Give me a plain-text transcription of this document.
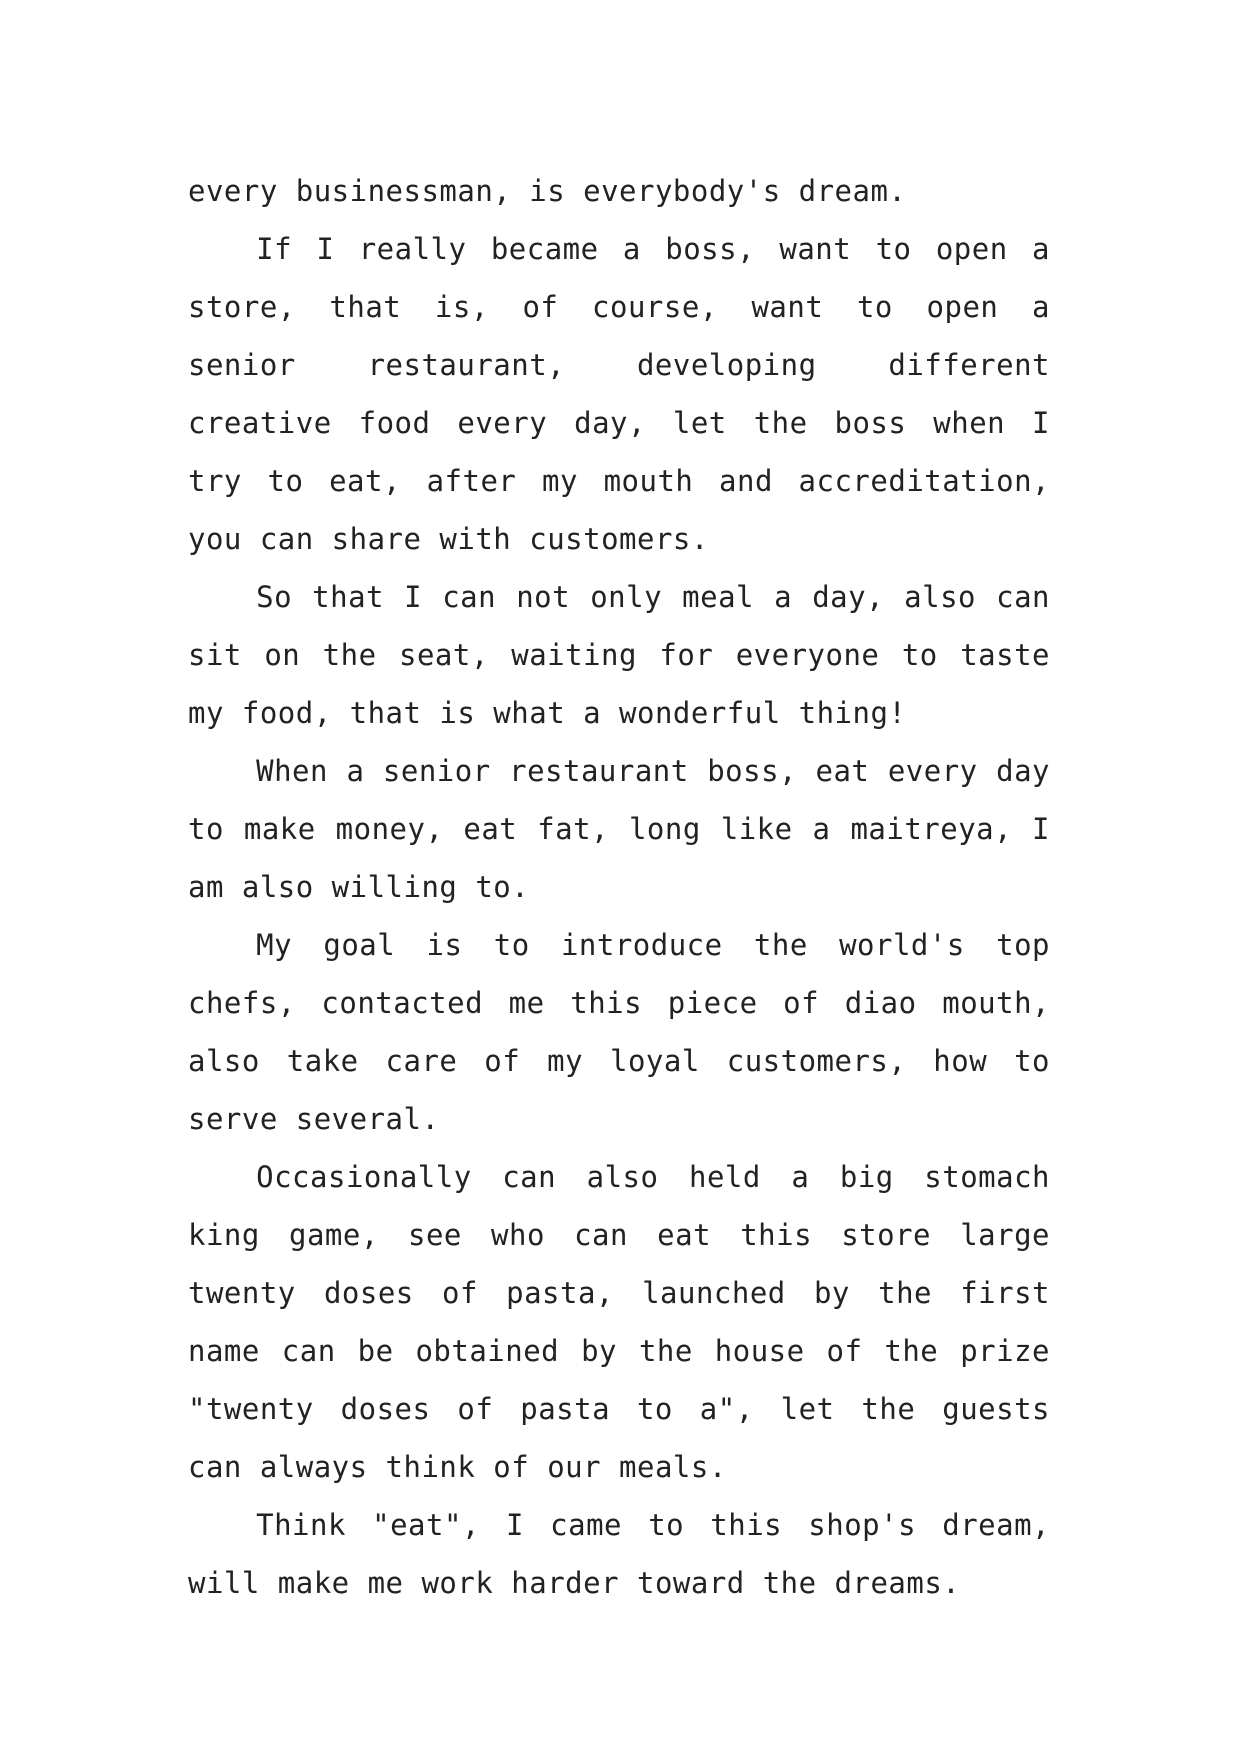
every businessman, is everybody's dream.

If I really became a boss, want to open a store, that is, of course, want to open a senior restaurant, developing different creative food every day, let the boss when I try to eat, after my mouth and accreditation, you can share with customers.

So that I can not only meal a day, also can sit on the seat, waiting for everyone to taste my food, that is what a wonderful thing!

When a senior restaurant boss, eat every day to make money, eat fat, long like a maitreya, I am also willing to.

My goal is to introduce the world's top chefs, contacted me this piece of diao mouth, also take care of my loyal customers, how to serve several.

Occasionally can also held a big stomach king game, see who can eat this store large twenty doses of pasta, launched by the first name can be obtained by the house of the prize "twenty doses of pasta to a", let the guests can always think of our meals.

Think "eat", I came to this shop's dream, will make me work harder toward the dreams.
